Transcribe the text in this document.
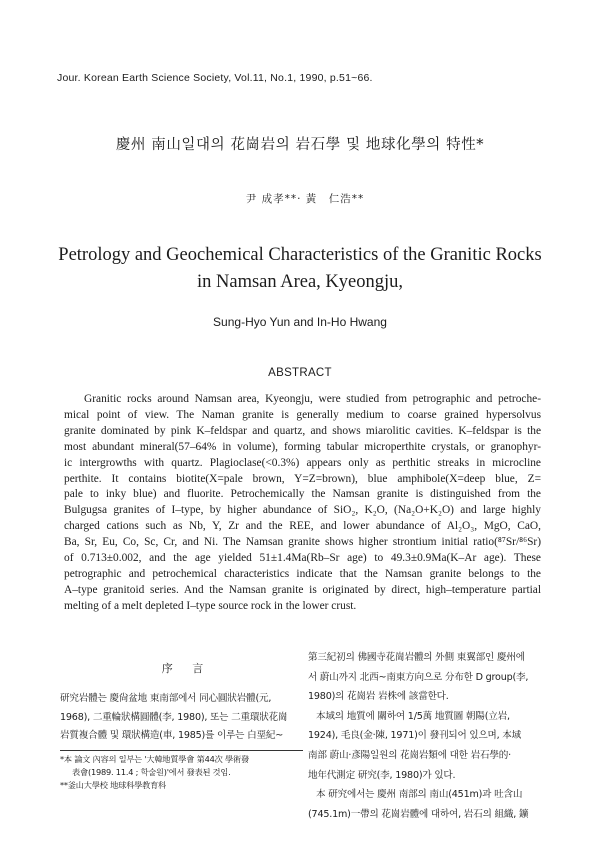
Jour. Korean Earth Science Society, Vol.11, No.1, 1990, p.51~66.
慶州 南山일대의 花崗岩의 岩石學 및 地球化學의 特性*
尹 成孝**· 黃　仁浩**
Petrology and Geochemical Characteristics of the Granitic Rocks
in Namsan Area, Kyeongju,
Sung-Hyo Yun and In-Ho Hwang
ABSTRACT
Granitic rocks around Namsan area, Kyeongju, were studied from petrographic and petroche-
mical point of view. The Naman granite is generally medium to coarse grained hypersolvus
granite dominated by pink K–feldspar and quartz, and shows miarolitic cavities. K–feldspar is the
most abundant mineral(57–64% in volume), forming tabular microperthite crystals, or granophyr-
ic intergrowths with quartz. Plagioclase(<0.3%) appears only as perthitic streaks in microcline
perthite. It contains biotite(X=pale brown, Y=Z=brown), blue amphibole(X=deep blue, Z=
pale to inky blue) and fluorite. Petrochemically the Namsan granite is distinguished from the
Bulgugsa granites of I–type, by higher abundance of SiO₂, K₂O, (Na₂O+K₂O) and large highly
charged cations such as Nb, Y, Zr and the REE, and lower abundance of Al₂O₃, MgO, CaO,
Ba, Sr, Eu, Co, Sc, Cr, and Ni. The Namsan granite shows higher strontium initial ratio(⁸⁷Sr/⁸⁶Sr)
of 0.713±0.002, and the age yielded 51±1.4Ma(Rb–Sr age) to 49.3±0.9Ma(K–Ar age). These
petrographic and petrochemical characteristics indicate that the Namsan granite belongs to the
A–type granitoid series. And the Namsan granite is originated by direct, high–temperature partial
melting of a melt depleted I–type source rock in the lower crust.
序 言
研究岩體는 慶尙盆地 東南部에서 同心圓狀岩體(元,
1968), 二重輪狀構圓體(李, 1980), 또는 二重環狀花崗
岩質複合體 및 環狀構造(車, 1985)를 이루는 白堊紀~
*本 論文 內容의 일부는 '大韓地質學會 第44次 學術發
表會(1989. 11.4 ; 학술원)'에서 發表된 것임.
**釜山大學校 地球科學教育科
第三紀初의 佛國寺花崗岩體의 外側 東翼部인 慶州에
서 蔚山까지 北西~南東方向으로 分布한 D group(李,
1980)의 花崗岩 岩株에 該當한다.
本域의 地質에 關하여 1/5萬 地質圖 朝陽(立岩,
1924), 毛良(金·陳, 1971)이 發刊되어 있으며, 本域
南部 蔚山·彥陽일원의 花崗岩類에 대한 岩石學的·
地年代測定 研究(李, 1980)가 있다.
本 研究에서는 慶州 南部의 南山(451m)과 吐含山
(745.1m)一帶의 花崗岩體에 대하여, 岩石의 組織, 鑛
